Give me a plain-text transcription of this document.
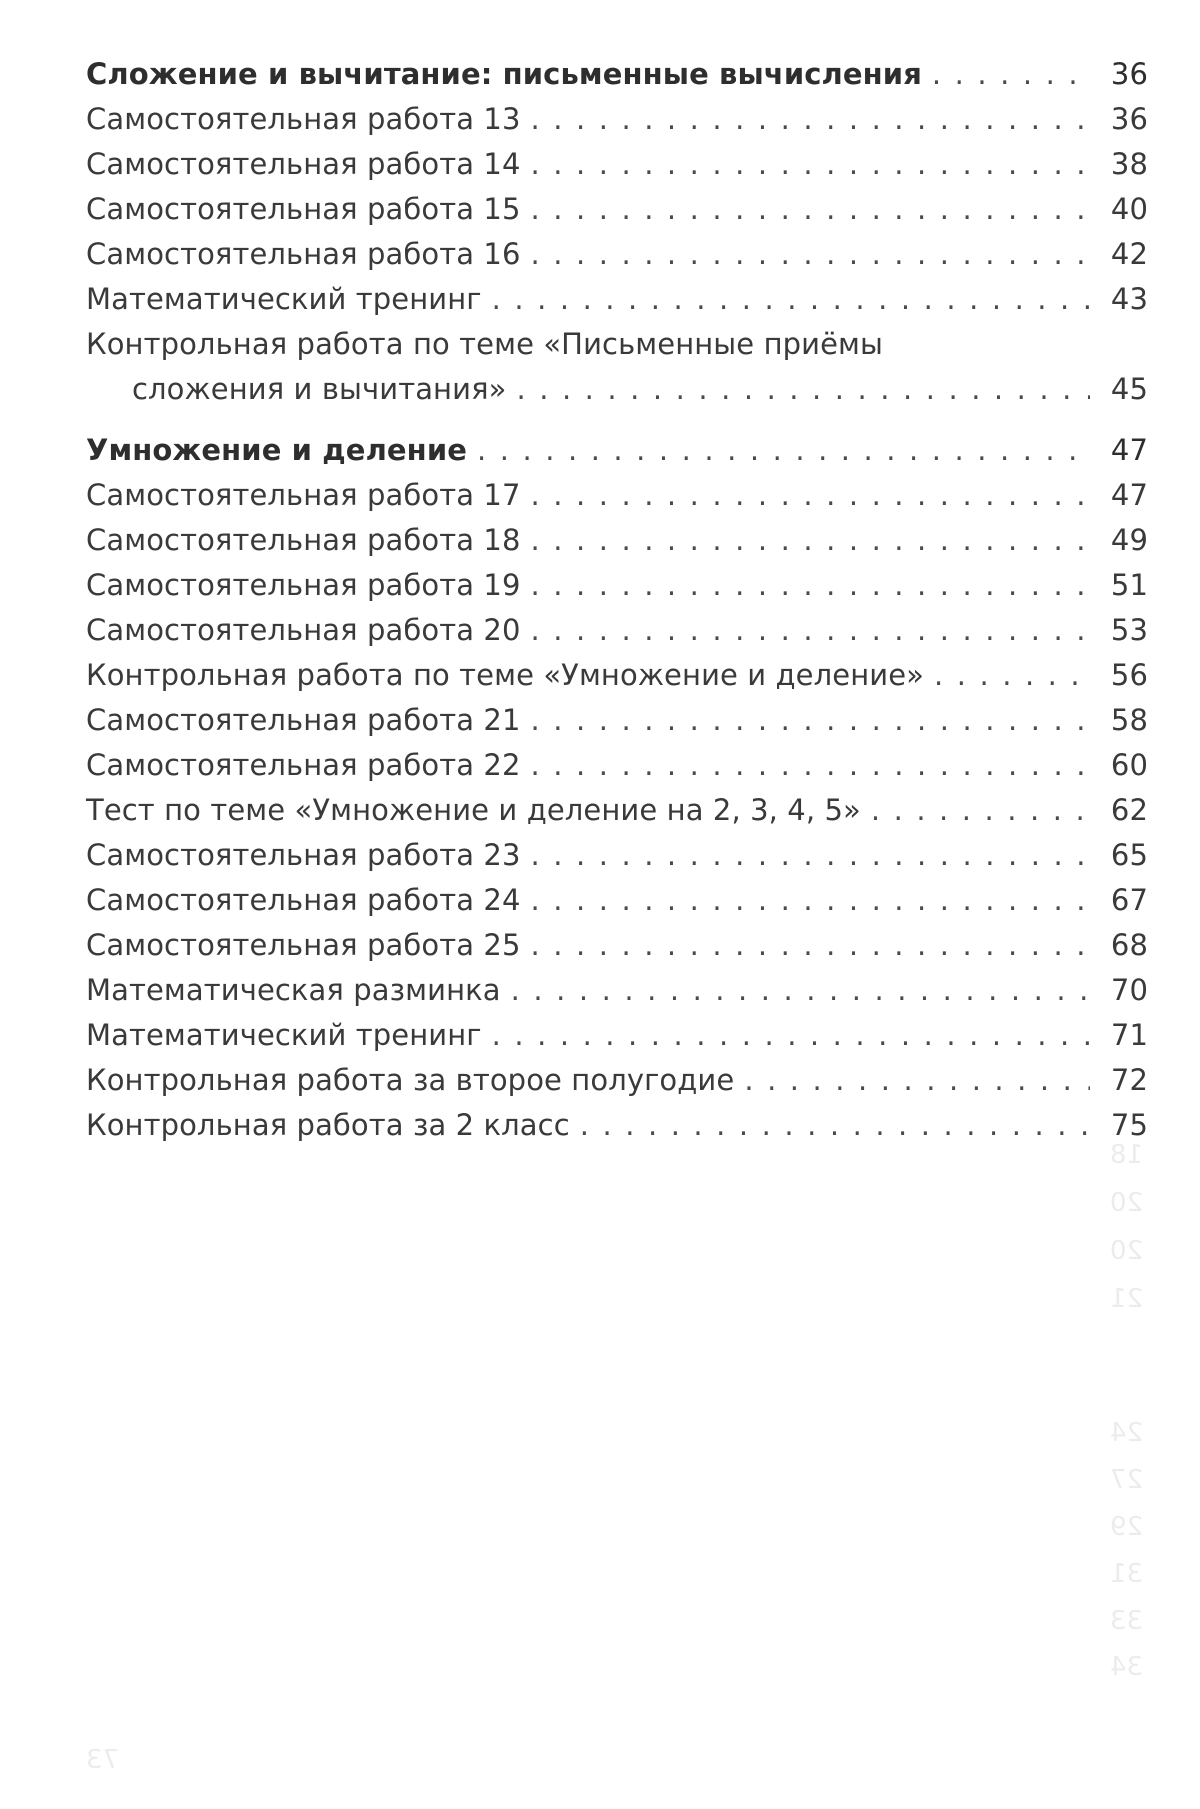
Сложение и вычитание: письменные вычисления . . .	36
Самостоятельная работа 13 . . .	36
Самостоятельная работа 14 . . .	38
Самостоятельная работа 15 . . .	40
Самостоятельная работа 16 . . .	42
Математический тренинг . . .	43
Контрольная работа по теме «Письменные приёмы
сложения и вычитания» . . .	45
Умножение и деление . . .	47
Самостоятельная работа 17 . . .	47
Самостоятельная работа 18 . . .	49
Самостоятельная работа 19 . . .	51
Самостоятельная работа 20 . . .	53
Контрольная работа по теме «Умножение и деление» . . .	56
Самостоятельная работа 21 . . .	58
Самостоятельная работа 22 . . .	60
Тест по теме «Умножение и деление на 2, 3, 4, 5» . . .	62
Самостоятельная работа 23 . . .	65
Самостоятельная работа 24 . . .	67
Самостоятельная работа 25 . . .	68
Математическая разминка . . .	70
Математический тренинг . . .	71
Контрольная работа за второе полугодие . . .	72
Контрольная работа за 2 класс . . .	75
18
20
20
21
24
27
29
31
33
34
73
